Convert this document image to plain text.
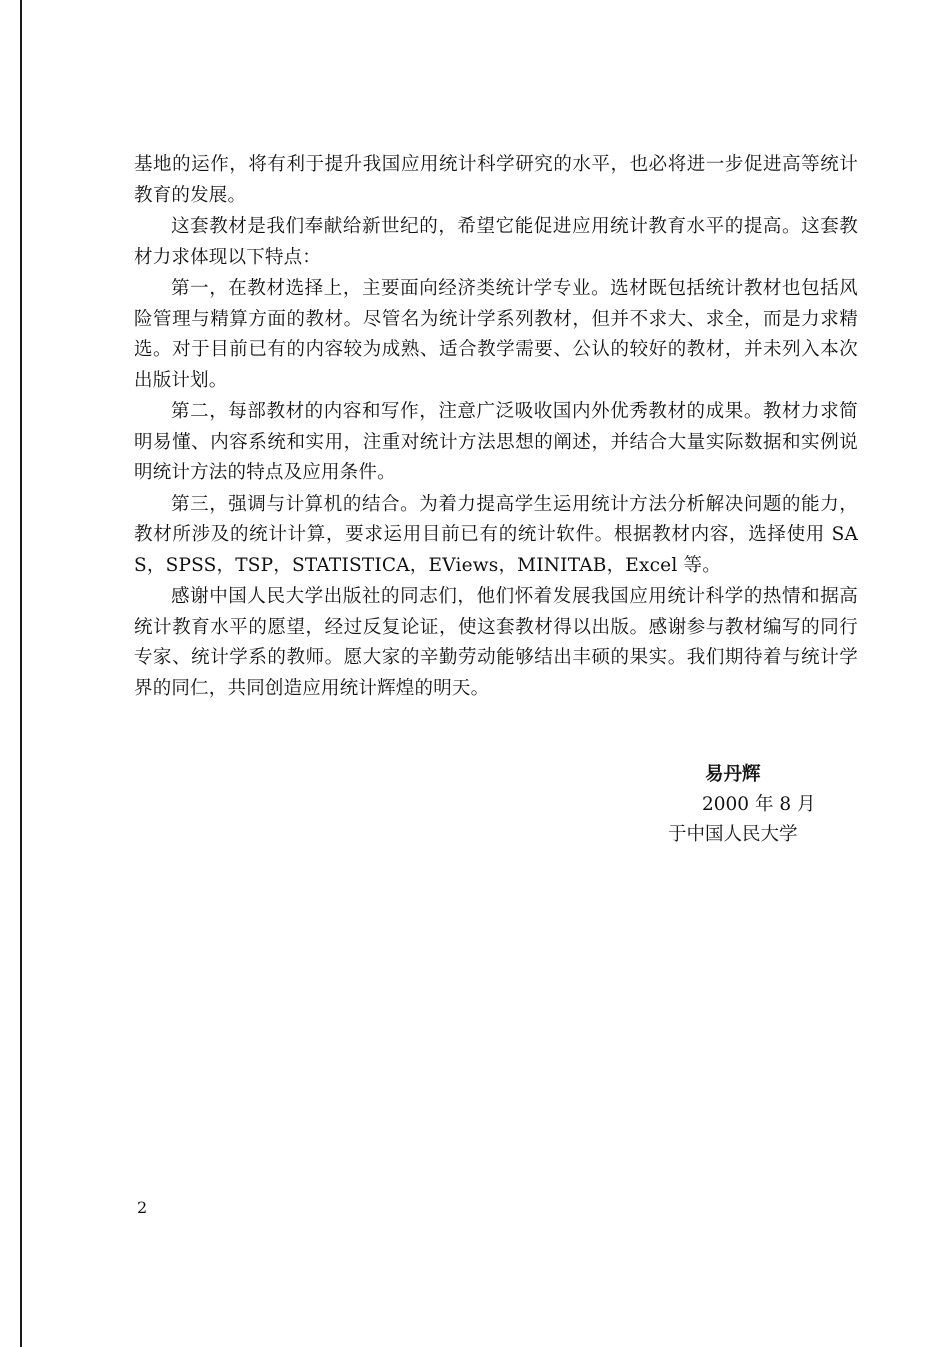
基地的运作，将有利于提升我国应用统计科学研究的水平，也必将进一步促进高等统计教育的发展。

这套教材是我们奉献给新世纪的，希望它能促进应用统计教育水平的提高。这套教材力求体现以下特点：

第一，在教材选择上，主要面向经济类统计学专业。选材既包括统计教材也包括风险管理与精算方面的教材。尽管名为统计学系列教材，但并不求大、求全，而是力求精选。对于目前已有的内容较为成熟、适合教学需要、公认的较好的教材，并未列入本次出版计划。

第二，每部教材的内容和写作，注意广泛吸收国内外优秀教材的成果。教材力求简明易懂、内容系统和实用，注重对统计方法思想的阐述，并结合大量实际数据和实例说明统计方法的特点及应用条件。

第三，强调与计算机的结合。为着力提高学生运用统计方法分析解决问题的能力，教材所涉及的统计计算，要求运用目前已有的统计软件。根据教材内容，选择使用 SAS，SPSS，TSP，STATISTICA，EViews，MINITAB，Excel 等。

感谢中国人民大学出版社的同志们，他们怀着发展我国应用统计科学的热情和据高统计教育水平的愿望，经过反复论证，使这套教材得以出版。感谢参与教材编写的同行专家、统计学系的教师。愿大家的辛勤劳动能够结出丰硕的果实。我们期待着与统计学界的同仁，共同创造应用统计辉煌的明天。

易丹辉
2000 年 8 月
于中国人民大学
2
